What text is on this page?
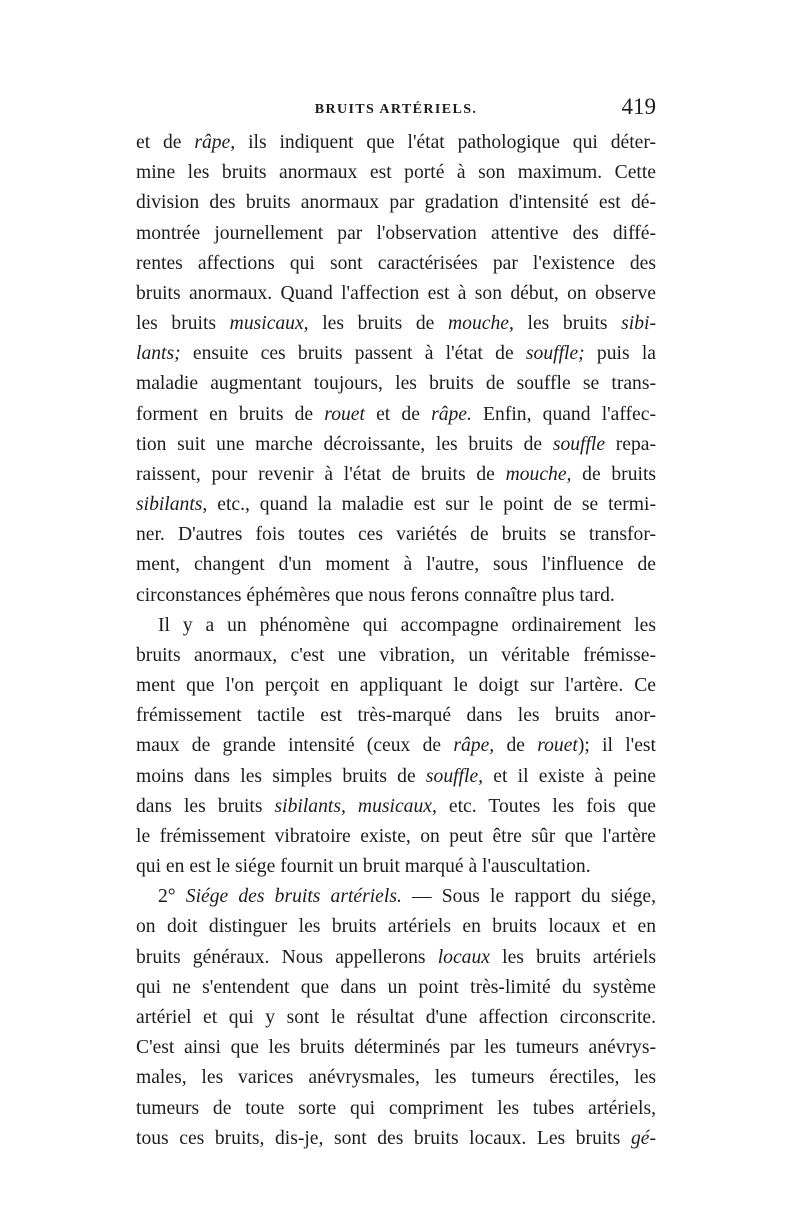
BRUITS ARTÉRIELS.	419
et de râpe, ils indiquent que l'état pathologique qui déter-
mine les bruits anormaux est porté à son maximum. Cette
division des bruits anormaux par gradation d'intensité est dé-
montrée journellement par l'observation attentive des diffé-
rentes affections qui sont caractérisées par l'existence des
bruits anormaux. Quand l'affection est à son début, on observe
les bruits musicaux, les bruits de mouche, les bruits sibi-
lants; ensuite ces bruits passent à l'état de souffle; puis la
maladie augmentant toujours, les bruits de souffle se trans-
forment en bruits de rouet et de râpe. Enfin, quand l'affec-
tion suit une marche décroissante, les bruits de souffle repa-
raissent, pour revenir à l'état de bruits de mouche, de bruits
sibilants, etc., quand la maladie est sur le point de se termi-
ner. D'autres fois toutes ces variétés de bruits se transfor-
ment, changent d'un moment à l'autre, sous l'influence de
circonstances éphémères que nous ferons connaître plus tard.
Il y a un phénomène qui accompagne ordinairement les
bruits anormaux, c'est une vibration, un véritable frémisse-
ment que l'on perçoit en appliquant le doigt sur l'artère. Ce
frémissement tactile est très-marqué dans les bruits anor-
maux de grande intensité (ceux de râpe, de rouet); il l'est
moins dans les simples bruits de souffle, et il existe à peine
dans les bruits sibilants, musicaux, etc. Toutes les fois que
le frémissement vibratoire existe, on peut être sûr que l'artère
qui en est le siége fournit un bruit marqué à l'auscultation.
2° Siége des bruits artériels. — Sous le rapport du siége,
on doit distinguer les bruits artériels en bruits locaux et en
bruits généraux. Nous appellerons locaux les bruits artériels
qui ne s'entendent que dans un point très-limité du système
artériel et qui y sont le résultat d'une affection circonscrite.
C'est ainsi que les bruits déterminés par les tumeurs anévrys-
males, les varices anévrysmales, les tumeurs érectiles, les
tumeurs de toute sorte qui compriment les tubes artériels,
tous ces bruits, dis-je, sont des bruits locaux. Les bruits gé-
